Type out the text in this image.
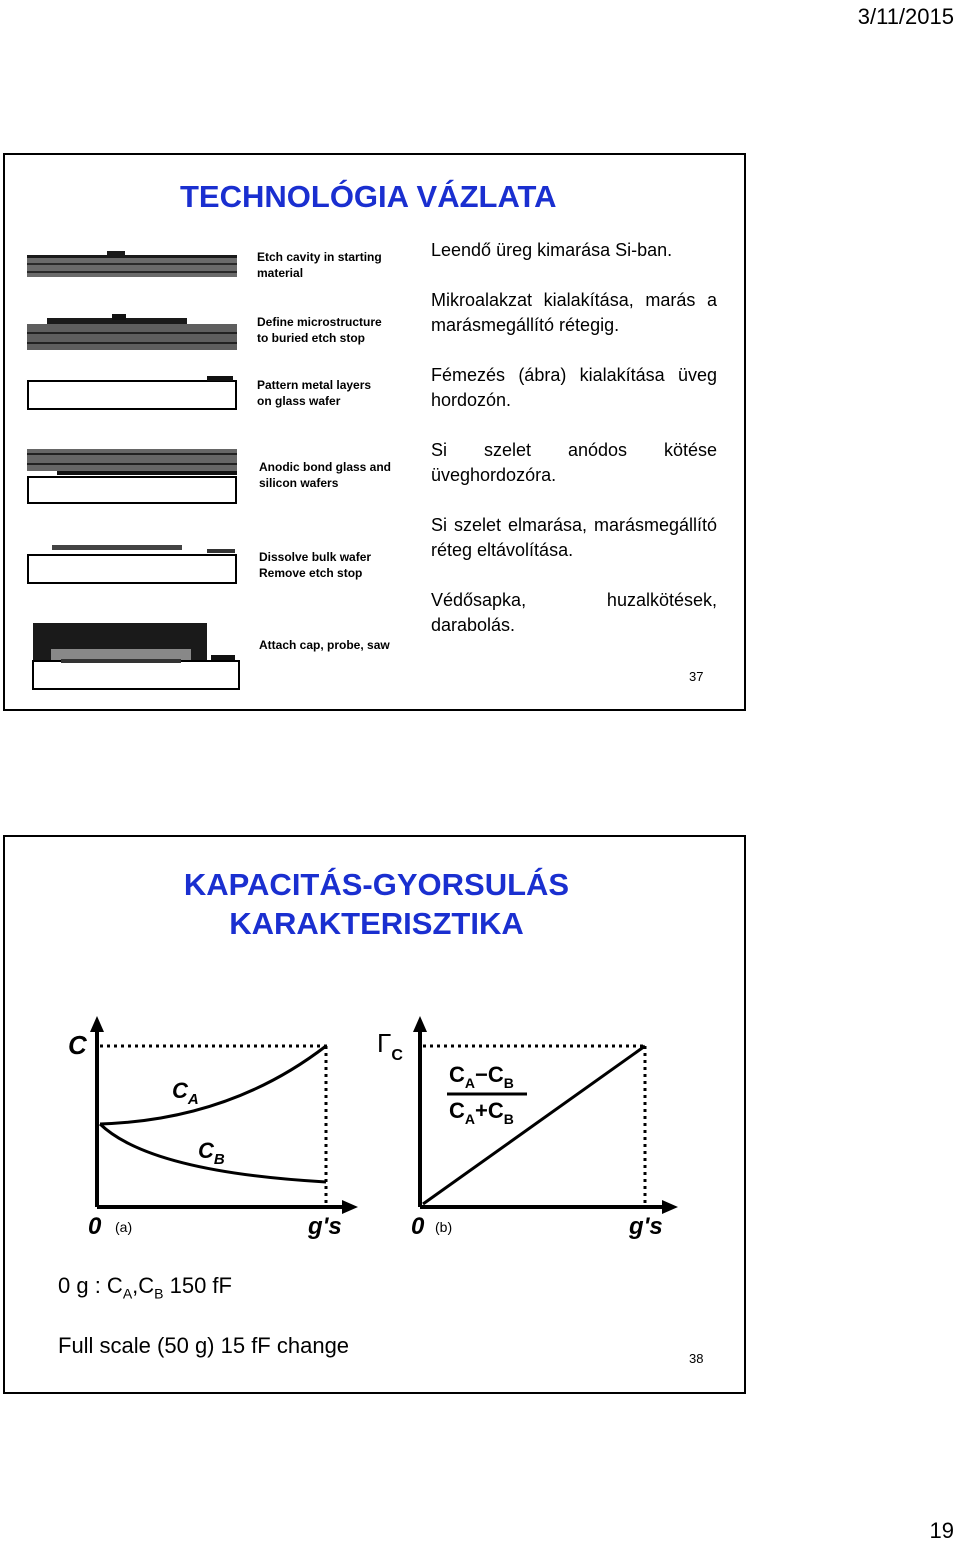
3/11/2015
TECHNOLÓGIA VÁZLATA
Etch cavity in starting
material
Define microstructure
to buried etch stop
Pattern metal layers
on glass wafer
Anodic bond glass and
silicon wafers
Dissolve bulk wafer
Remove etch stop
Attach cap, probe, saw

Leendő üreg kimarása Si-ban.

Mikroalakzat kialakítása, marás a marásmegállító rétegig.

Fémezés (ábra) kialakítása üveg hordozón.

Si szelet anódos kötése üveghordozóra.

Si szelet elmarása, marásmegállító réteg eltávolítása.

Védősapka, huzalkötések, darabolás.

37
KAPACITÁS-GYORSULÁS
KARAKTERISZTIKA
C
$C_A$
$C_B$
0 (a)	g's
$\Gamma_C$
$C_A-C_B$
$C_A+C_B$
0 (b)	g's
0 g : $C_A,C_B$ 150 fF
Full scale (50 g) 15 fF change
38
19
